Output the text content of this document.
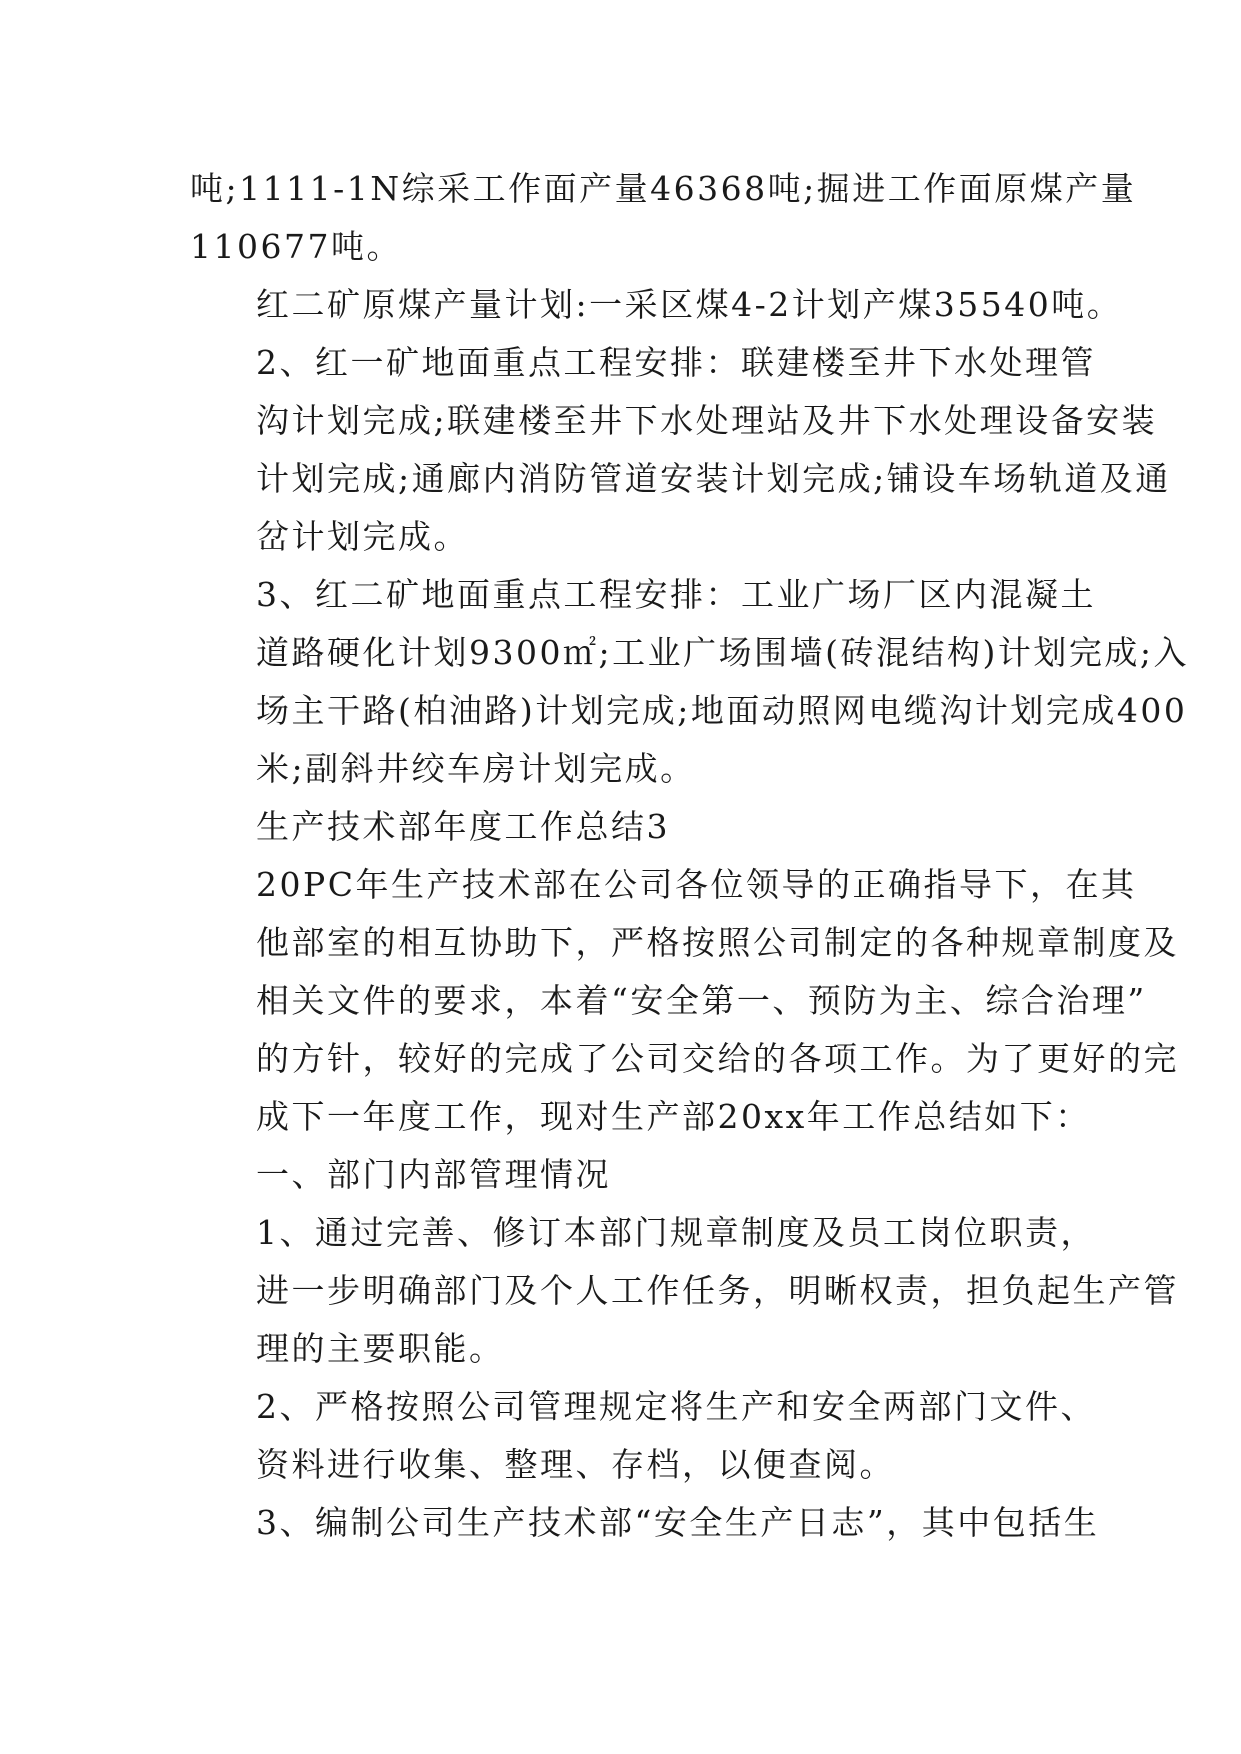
吨;1111-1N综采工作面产量46368吨;掘进工作面原煤产量
110677吨。

红二矿原煤产量计划:一采区煤4-2计划产煤35540吨。

2、红一矿地面重点工程安排：联建楼至井下水处理管
沟计划完成;联建楼至井下水处理站及井下水处理设备安装
计划完成;通廊内消防管道安装计划完成;铺设车场轨道及通
岔计划完成。

3、红二矿地面重点工程安排：工业广场厂区内混凝土
道路硬化计划9300㎡;工业广场围墙(砖混结构)计划完成;入
场主干路(柏油路)计划完成;地面动照网电缆沟计划完成400
米;副斜井绞车房计划完成。

生产技术部年度工作总结3

20PC年生产技术部在公司各位领导的正确指导下，在其
他部室的相互协助下，严格按照公司制定的各种规章制度及
相关文件的要求，本着“安全第一、预防为主、综合治理”
的方针，较好的完成了公司交给的各项工作。为了更好的完
成下一年度工作，现对生产部20xx年工作总结如下：

一、部门内部管理情况

1、通过完善、修订本部门规章制度及员工岗位职责，
进一步明确部门及个人工作任务，明晰权责，担负起生产管
理的主要职能。

2、严格按照公司管理规定将生产和安全两部门文件、
资料进行收集、整理、存档，以便查阅。

3、编制公司生产技术部“安全生产日志”，其中包括生
